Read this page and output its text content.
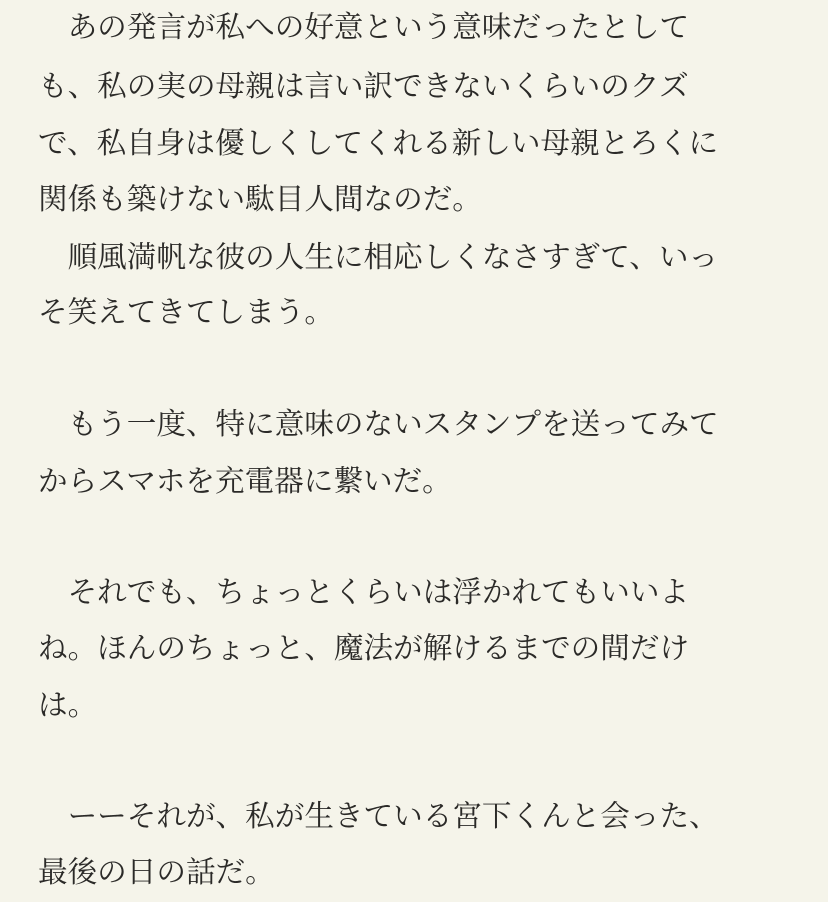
　あの発言が私への好意という意味だったとして
も、私の実の母親は言い訳できないくらいのクズ
で、私自身は優しくしてくれる新しい母親とろくに
関係も築けない駄目人間なのだ。
　順風満帆な彼の人生に相応しくなさすぎて、いっ
そ笑えてきてしまう。
　もう一度、特に意味のないスタンプを送ってみて
からスマホを充電器に繋いだ。
　それでも、ちょっとくらいは浮かれてもいいよ
ね。ほんのちょっと、魔法が解けるまでの間だけ
は。
　ーーそれが、私が生きている宮下くんと会った、
最後の日の話だ。
